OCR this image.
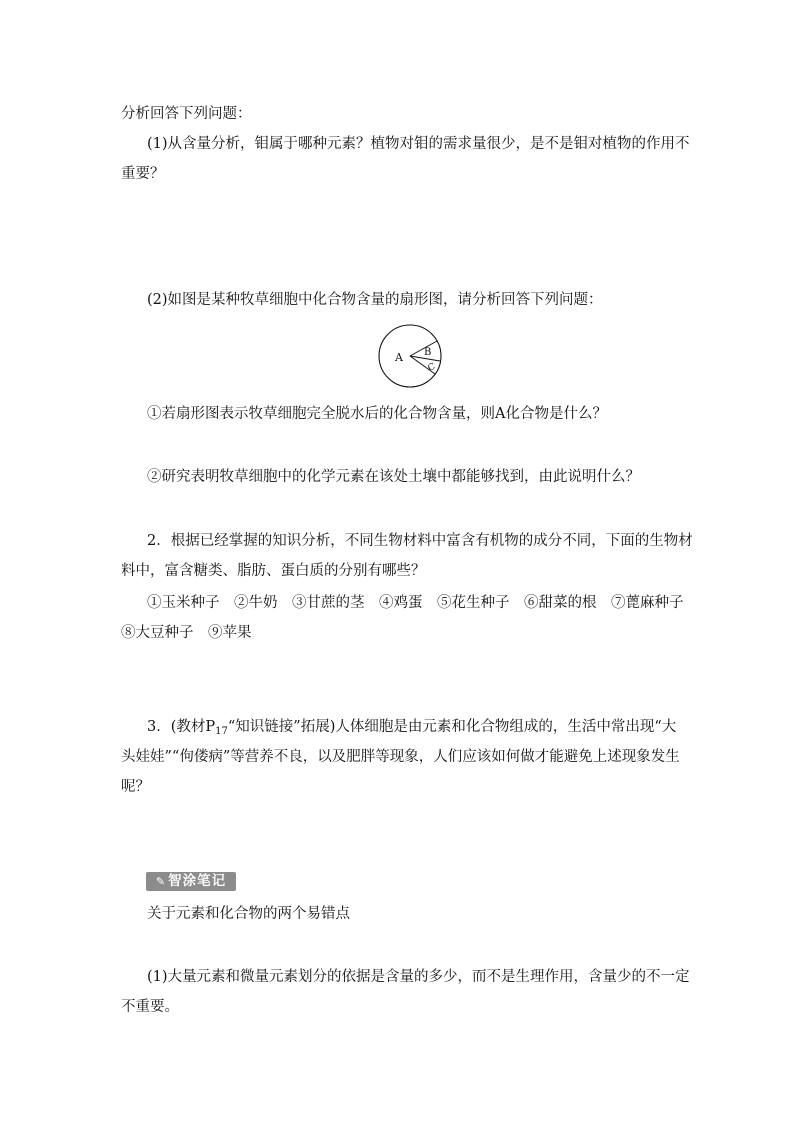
分析回答下列问题：
(1)从含量分析，钼属于哪种元素？植物对钼的需求量很少，是不是钼对植物的作用不
重要？
(2)如图是某种牧草细胞中化合物含量的扇形图，请分析回答下列问题：
A B
C
①若扇形图表示牧草细胞完全脱水后的化合物含量，则A化合物是什么？
②研究表明牧草细胞中的化学元素在该处土壤中都能够找到，由此说明什么？
2．根据已经掌握的知识分析，不同生物材料中富含有机物的成分不同，下面的生物材
料中，富含糖类、脂肪、蛋白质的分别有哪些？
①玉米种子　②牛奶　③甘蔗的茎　④鸡蛋　⑤花生种子　⑥甜菜的根　⑦蓖麻种子
⑧大豆种子　⑨苹果
3．(教材$P_{17}“$知识链接”拓展)人体细胞是由元素和化合物组成的，生活中常出现“大
头娃娃”“佝偻病”等营养不良，以及肥胖等现象，人们应该如何做才能避免上述现象发生
呢？
✎ 智涂笔记
关于元素和化合物的两个易错点
(1)大量元素和微量元素划分的依据是含量的多少，而不是生理作用，含量少的不一定
不重要。
